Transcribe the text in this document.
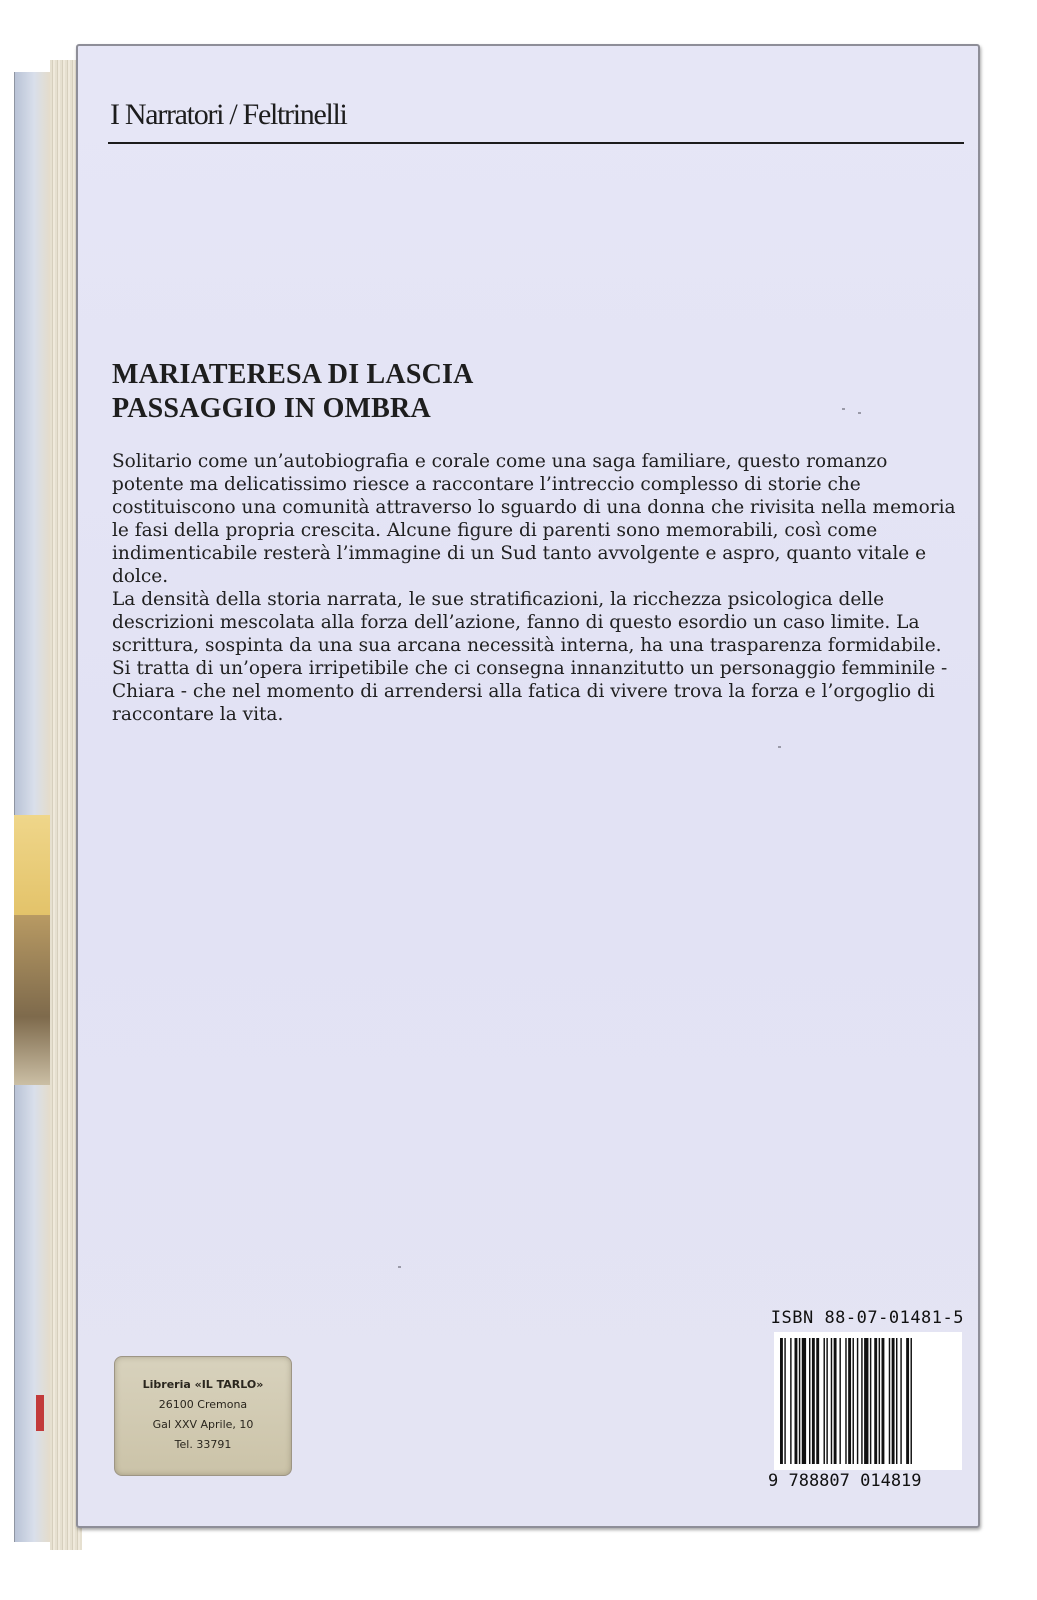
I Narratori / Feltrinelli

MARIATERESA DI LASCIA

PASSAGGIO IN OMBRA

Solitario come un’autobiografia e corale come una saga familiare, questo romanzo potente ma delicatissimo riesce a raccontare l’intreccio complesso di storie che costituiscono una comunità attraverso lo sguardo di una donna che rivisita nella memoria le fasi della propria crescita. Alcune figure di parenti sono memorabili, così come indimenticabile resterà l’immagine di un Sud tanto avvolgente e aspro, quanto vitale e dolce.

La densità della storia narrata, le sue stratificazioni, la ricchezza psicologica delle descrizioni mescolata alla forza dell’azione, fanno di questo esordio un caso limite. La scrittura, sospinta da una sua arcana necessità interna, ha una trasparenza formidabile.

Si tratta di un’opera irripetibile che ci consegna innanzitutto un personaggio femminile - Chiara - che nel momento di arrendersi alla fatica di vivere trova la forza e l’orgoglio di raccontare la vita.

ISBN 88-07-01481-5

9 788807 014819

Libreria «IL TARLO»
26100 Cremona
Gal XXV Aprile, 10
Tel. 33791
